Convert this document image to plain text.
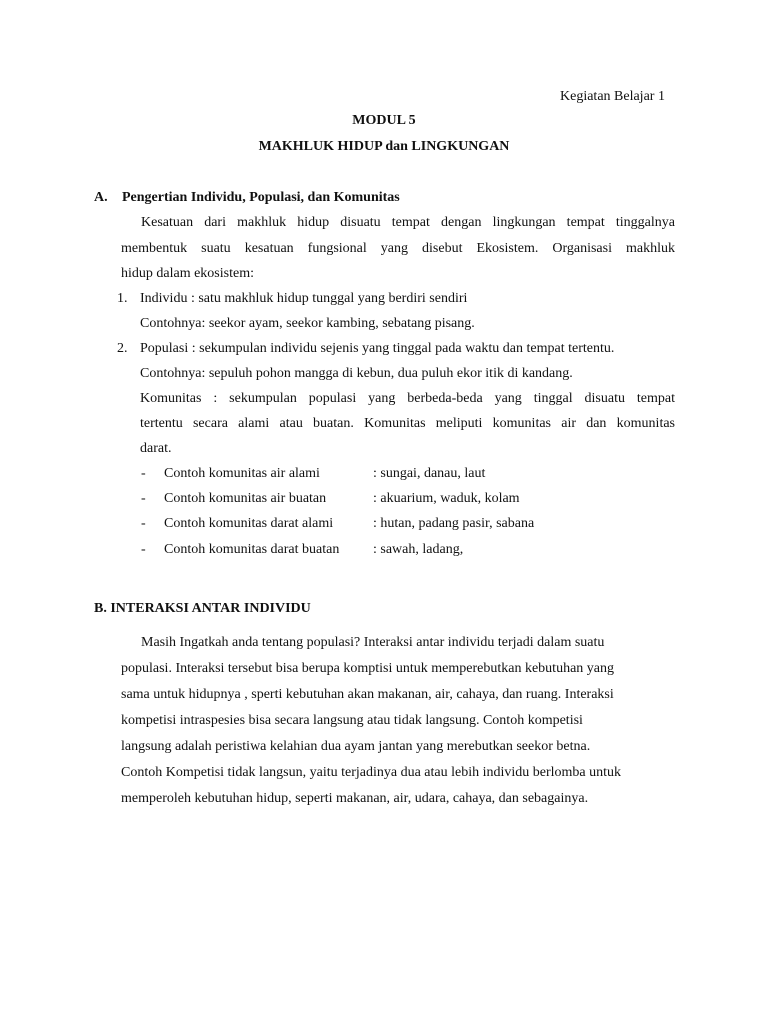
Kegiatan Belajar 1
MODUL 5
MAKHLUK HIDUP dan LINGKUNGAN
A. Pengertian Individu, Populasi, dan Komunitas
Kesatuan dari makhluk hidup disuatu tempat dengan lingkungan tempat tinggalnya
membentuk suatu kesatuan fungsional yang disebut Ekosistem. Organisasi makhluk
hidup dalam ekosistem:
1. Individu : satu makhluk hidup tunggal yang berdiri sendiri
Contohnya: seekor ayam, seekor kambing, sebatang pisang.
2. Populasi : sekumpulan individu sejenis yang tinggal pada waktu dan tempat tertentu.
Contohnya: sepuluh pohon mangga di kebun, dua puluh ekor itik di kandang.
Komunitas : sekumpulan populasi yang berbeda-beda yang tinggal disuatu tempat
tertentu secara alami atau buatan. Komunitas meliputi komunitas air dan komunitas
darat.
- Contoh komunitas air alami	: sungai, danau, laut
- Contoh komunitas air buatan	: akuarium, waduk, kolam
- Contoh komunitas darat alami	: hutan, padang pasir, sabana
- Contoh komunitas darat buatan : sawah, ladang,
B. INTERAKSI ANTAR INDIVIDU
Masih Ingatkah anda tentang populasi? Interaksi antar individu terjadi dalam suatu
populasi. Interaksi tersebut bisa berupa komptisi untuk memperebutkan kebutuhan yang
sama untuk hidupnya , sperti kebutuhan akan makanan, air, cahaya, dan ruang. Interaksi
kompetisi intraspesies bisa secara langsung atau tidak langsung. Contoh kompetisi
langsung adalah peristiwa kelahian dua ayam jantan yang merebutkan seekor betna.
Contoh Kompetisi tidak langsun, yaitu terjadinya dua atau lebih individu berlomba untuk
memperoleh kebutuhan hidup, seperti makanan, air, udara, cahaya, dan sebagainya.
